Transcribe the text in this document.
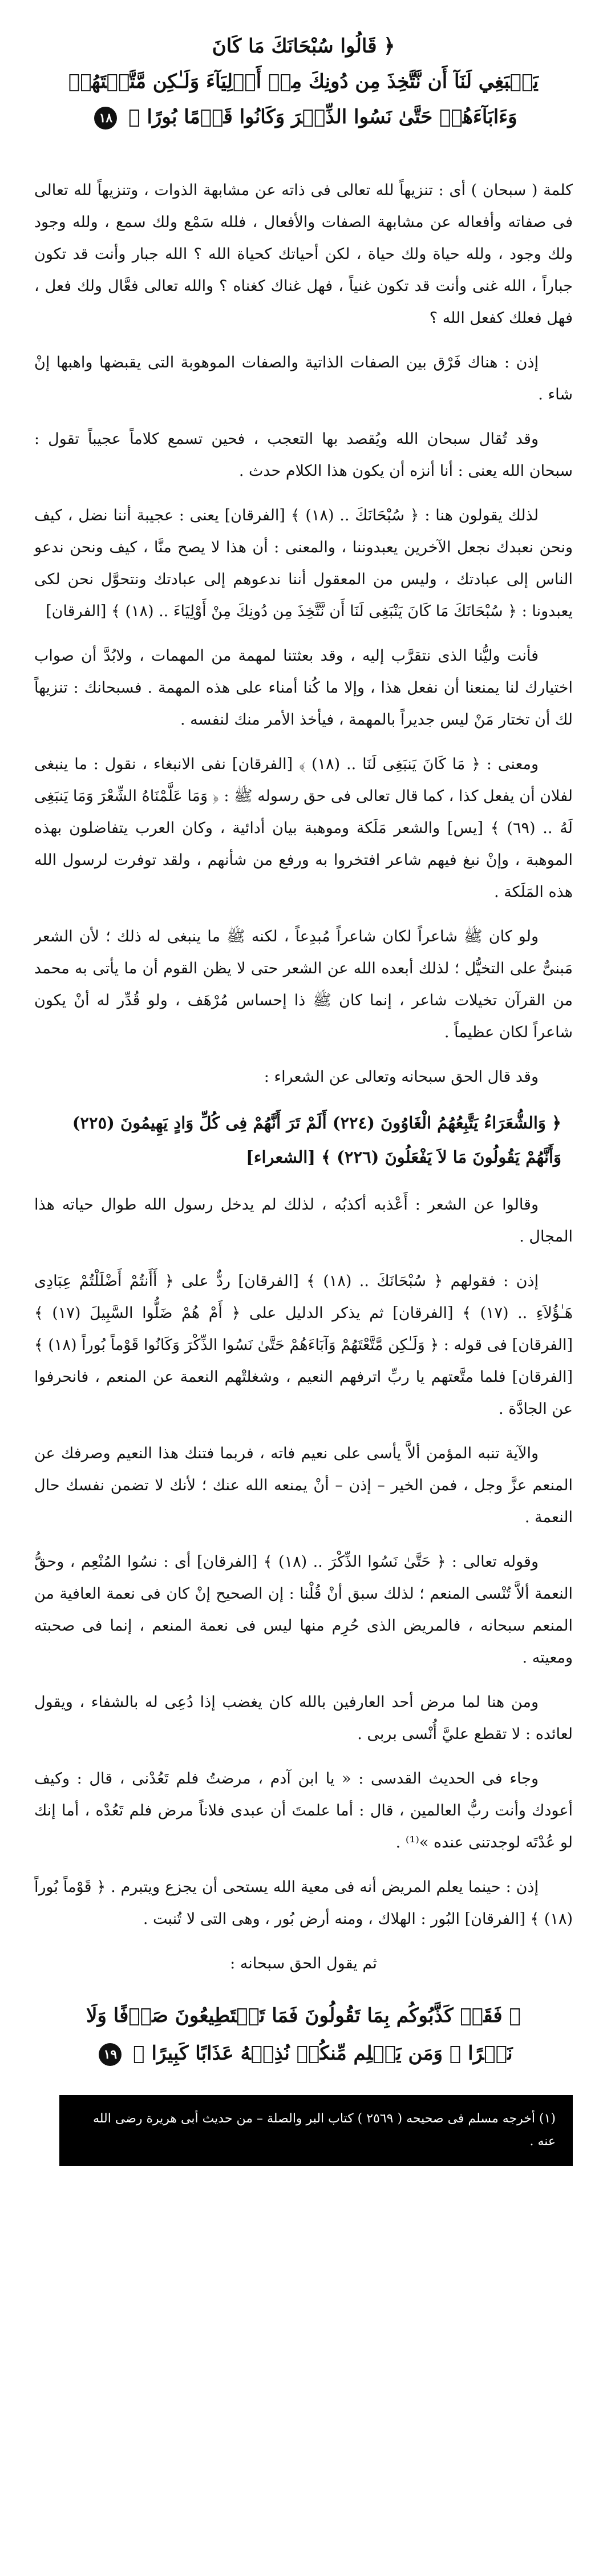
﴿ قَالُوا سُبْحَانَكَ مَا كَانَ
يَنۢبَغِي لَنَآ أَن نَّتَّخِذَ مِن دُونِكَ مِنۡ أَوۡلِيَآءَ وَلَـٰكِن مَّتَّعۡتَهُمۡ
وَءَابَآءَهُمۡ حَتَّىٰ نَسُوا الذِّكۡرَ وَكَانُوا قَوۡمًا بُورًا ﴾ ١٨

كلمة ( سبحان ) أى : تنزيهاً لله تعالى فى ذاته عن مشابهة الذوات ، وتنزيهاً لله تعالى فى صفاته وأفعاله عن مشابهة الصفات والأفعال ، فلله سَمْع ولك سمع ، ولله وجود ولك وجود ، ولله حياة ولك حياة ، لكن أحياتك كحياة الله ؟ الله جبار وأنت قد تكون جباراً ، الله غنى وأنت قد تكون غنياً ، فهل غناك كغناه ؟ والله تعالى فعَّال ولك فعل ، فهل فعلك كفعل الله ؟

إذن : هناك فَرْق بين الصفات الذاتية والصفات الموهوبة التى يقبضها واهبها إنْ شاء .

وقد تُقال سبحان الله ويُقصد بها التعجب ، فحين تسمع كلاماً عجيباً تقول : سبحان الله يعنى : أنا أنزه أن يكون هذا الكلام حدث .

لذلك يقولون هنا : ﴿ سُبْحَانَكَ .. (١٨) ﴾ [الفرقان] يعنى : عجيبة أننا نضل ، كيف ونحن نعبدك نجعل الآخرين يعبدوننا ، والمعنى : أن هذا لا يصح منَّا ، كيف ونحن ندعو الناس إلى عبادتك ، وليس من المعقول أننا ندعوهم إلى عبادتك ونتحوَّل نحن لكى يعبدونا : ﴿ سُبْحَانَكَ مَا كَانَ يَنْبَغِى لَنَا أَن نَّتَّخِذَ مِن دُونِكَ مِنْ أَوْلِيَاءَ .. (١٨) ﴾ [الفرقان]

فأنت وليُّنا الذى نتقرَّب إليه ، وقد بعثتنا لمهمة من المهمات ، ولابُدَّ أن صواب اختيارك لنا يمنعنا أن نفعل هذا ، وإلا ما كُنا أمناء على هذه المهمة . فسبحانك : تنزيهاً لك أن تختار مَنْ ليس جديراً بالمهمة ، فيأخذ الأمر منك لنفسه .

ومعنى : ﴿ مَا كَانَ يَنبَغِى لَنَا .. (١٨) ﴾ [الفرقان] نفى الانبغاء ، نقول : ما ينبغى لفلان أن يفعل كذا ، كما قال تعالى فى حق رسوله ﷺ : ﴿ وَمَا عَلَّمْنَاهُ الشِّعْرَ وَمَا يَنبَغِى لَهُ .. (٦٩) ﴾ [يس] والشعر مَلَكة وموهبة بيان أدائية ، وكان العرب يتفاضلون بهذه الموهبة ، وإنْ نبغ فيهم شاعر افتخروا به ورفع من شأنهم ، ولقد توفرت لرسول الله هذه المَلَكة .

ولو كان ﷺ شاعراً لكان شاعراً مُبدِعاً ، لكنه ﷺ ما ينبغى له ذلك ؛ لأن الشعر مَبنىٌّ على التخيُّل ؛ لذلك أبعده الله عن الشعر حتى لا يظن القوم أن ما يأتى به محمد من القرآن تخيلات شاعر ، إنما كان ﷺ ذا إحساس مُرْهَف ، ولو قُدِّر له أنْ يكون شاعراً لكان عظيماً .

وقد قال الحق سبحانه وتعالى عن الشعراء :

﴿ وَالشُّعَرَاءُ يَتَّبِعُهُمُ الْغَاوُونَ (٢٢٤) أَلَمْ تَرَ أَنَّهُمْ فِى كُلِّ وَادٍ يَهِيمُونَ (٢٢٥)
وَأَنَّهُمْ يَقُولُونَ مَا لاَ يَفْعَلُونَ (٢٢٦) ﴾ [الشعراء]

وقالوا عن الشعر : أَعْذبه أكذبُه ، لذلك لم يدخل رسول الله طوال حياته هذا المجال .

إذن : فقولهم ﴿ سُبْحَانَكَ .. (١٨) ﴾ [الفرقان] ردٌّ على ﴿ أَأَنتُمْ أَضْلَلْتُمْ عِبَادِى هَـٰؤُلاَءِ .. (١٧) ﴾ [الفرقان] ثم يذكر الدليل على ﴿ أَمْ هُمْ ضَلُّوا السَّبِيلَ (١٧) ﴾ [الفرقان] فى قوله : ﴿ وَلَـٰكِن مَّتَّعْتَهُمْ وَآبَاءَهُمْ حَتَّىٰ نَسُوا الذِّكْرَ وَكَانُوا قَوْماً بُوراً (١٨) ﴾ [الفرقان] فلما متَّعتهم يا ربِّ اترفهم النعيم ، وشغلتْهم النعمة عن المنعم ، فانحرفوا عن الجادَّة .

والآية تنبه المؤمن ألاَّ يأسى على نعيم فاته ، فربما فتنك هذا النعيم وصرفك عن المنعم عزَّ وجل ، فمن الخير – إذن – أنْ يمنعه الله عنك ؛ لأنك لا تضمن نفسك حال النعمة .

وقوله تعالى : ﴿ حَتَّىٰ نَسُوا الذِّكْرَ .. (١٨) ﴾ [الفرقان] أى : نسُوا المُنْعِم ، وحقُّ النعمة ألاَّ تُنْسى المنعم ؛ لذلك سبق أنْ قُلْنا : إن الصحيح إنْ كان فى نعمة العافية من المنعم سبحانه ، فالمريض الذى حُرِم منها ليس فى نعمة المنعم ، إنما فى صحبته ومعيته .

ومن هنا لما مرض أحد العارفين بالله كان يغضب إذا دُعِى له بالشفاء ، ويقول لعائده : لا تقطع عليَّ أُنْسى بربى .

وجاء فى الحديث القدسى : « يا ابن آدم ، مرضتُ فلم تَعُدْنى ، قال : وكيف أعودك وأنت ربُّ العالمين ، قال : أما علمتَ أن عبدى فلاناً مرض فلم تَعُدْه ، أما إنك لو عُدْتَه لوجدتنى عنده »⁽¹⁾ .

إذن : حينما يعلم المريض أنه فى معية الله يستحى أن يجزع ويتبرم . ﴿ قَوْماً بُوراً (١٨) ﴾ [الفرقان] البُور : الهلاك ، ومنه أرض بُور ، وهى التى لا تُنبت .

ثم يقول الحق سبحانه :

﴿ فَقَدۡ كَذَّبُوكُم بِمَا تَقُولُونَ فَمَا تَسۡتَطِيعُونَ صَرۡفًا وَلَا
نَصۡرًا ۚ وَمَن يَظۡلِم مِّنكُمۡ نُذِقۡهُ عَذَابًا كَبِيرًا ﴾ ١٩
(١) أخرجه مسلم فى صحيحه ( ٢٥٦٩ ) كتاب البر والصلة – من حديث أبى هريرة رضى الله عنه .
